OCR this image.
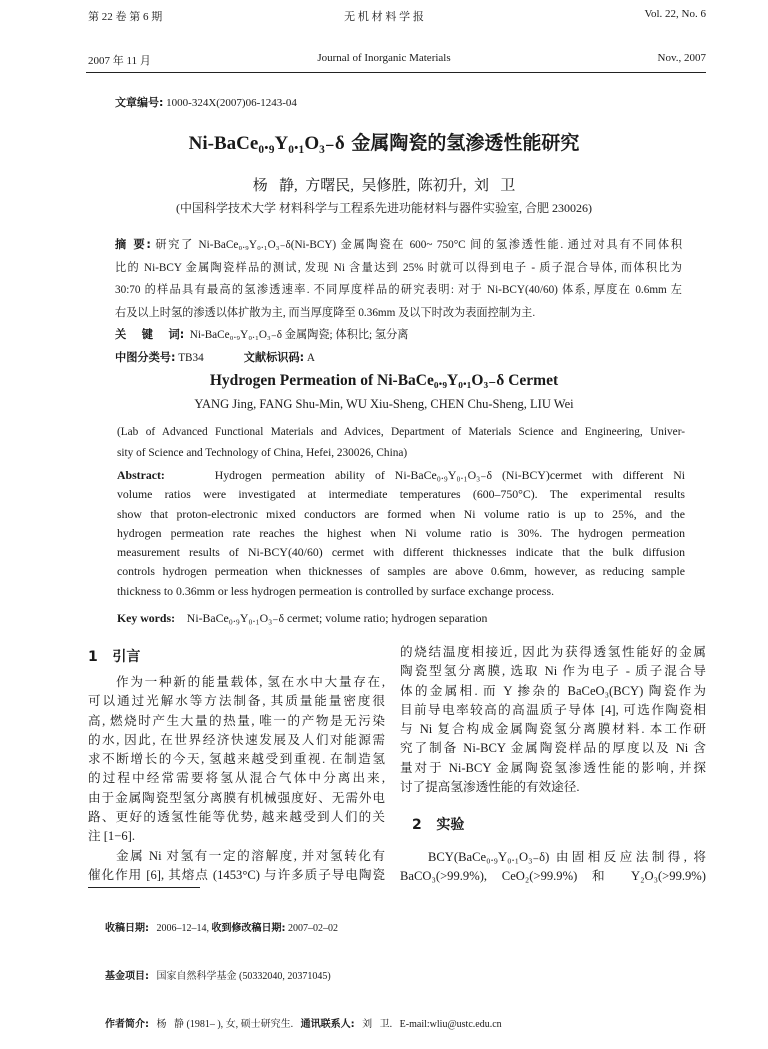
第 22 卷 第 6 期	无 机 材 料 学 报	Vol. 22, No. 6
2007 年 11 月	Journal of Inorganic Materials	Nov., 2007
文章编号: 1000-324X(2007)06-1243-04
Ni-BaCe₀.₉Y₀.₁O₃₋δ 金属陶瓷的氢渗透性能研究
杨   静,  方曙民,  吴修胜,  陈初升,  刘   卫
(中国科学技术大学 材料科学与工程系先进功能材料与器件实验室, 合肥 230026)
摘 要: 研究了 Ni-BaCe₀.₉Y₀.₁O₃₋δ(Ni-BCY) 金属陶瓷在 600~ 750°C 间的氢渗透性能. 通过对具有不同体积
比的 Ni-BCY 金属陶瓷样品的测试, 发现 Ni 含量达到 25% 时就可以得到电子 - 质子混合导体, 而体积比为
30:70 的样品具有最高的氢渗透速率. 不同厚度样品的研究表明: 对于 Ni-BCY(40/60) 体系, 厚度在 0.6mm 左
右及以上时氢的渗透以体扩散为主, 而当厚度降至 0.36mm 及以下时改为表面控制为主.
关    键    词: Ni-BaCe₀.₉Y₀.₁O₃₋δ 金属陶瓷; 体积比; 氢分离
中图分类号: TB34	文献标识码: A
Hydrogen Permeation of Ni-BaCe₀.₉Y₀.₁O₃₋δ Cermet
YANG Jing, FANG Shu-Min, WU Xiu-Sheng, CHEN Chu-Sheng, LIU Wei
(Lab of Advanced Functional Materials and Advices, Department of Materials Science and Engineering, Univer-
sity of Science and Technology of China, Hefei, 230026, China)
Abstract:	Hydrogen permeation ability of Ni-BaCe₀.₉Y₀.₁O₃₋δ (Ni-BCY)cermet with different Ni
volume ratios were investigated at intermediate temperatures (600–750°C). The experimental results
show that proton-electronic mixed conductors are formed when Ni volume ratio is up to 25%, and the
hydrogen permeation rate reaches the highest when Ni volume ratio is 30%. The hydrogen permeation
measurement results of Ni-BCY(40/60) cermet with different thicknesses indicate that the bulk diffusion
controls hydrogen permeation when thicknesses of samples are above 0.6mm, however, as reducing sample
thickness to 0.36mm or less hydrogen permeation is controlled by surface exchange process.
Key words: Ni-BaCe₀.₉Y₀.₁O₃₋δ cermet; volume ratio; hydrogen separation
1   引言
作为一种新的能量载体, 氢在水中大量存在,
可以通过光解水等方法制备, 其质量能量密度很
高, 燃烧时产生大量的热量, 唯一的产物是无污染
的水, 因此, 在世界经济快速发展及人们对能源需
求不断增长的今天, 氢越来越受到重视. 在制造氢
的过程中经常需要将氢从混合气体中分离出来,
由于金属陶瓷型氢分离膜有机械强度好、无需外电
路、更好的透氢性能等优势, 越来越受到人们的关
注 [1−6].
金属 Ni 对氢有一定的溶解度, 并对氢转化有
催化作用 [6], 其熔点 (1453°C) 与许多质子导电陶瓷
的烧结温度相接近, 因此为获得透氢性能好的金属
陶瓷型氢分离膜, 选取 Ni 作为电子 - 质子混合导
体的金属相. 而 Y 掺杂的 BaCeO₃(BCY) 陶瓷作为
目前导电率较高的高温质子导体 [4], 可选作陶瓷相
与 Ni 复合构成金属陶瓷氢分离膜材料. 本工作研
究了制备 Ni-BCY 金属陶瓷样品的厚度以及 Ni 含
量对于 Ni-BCY 金属陶瓷氢渗透性能的影响, 并探
讨了提高氢渗透性能的有效途径.
2   实验
BCY(BaCe₀.₉Y₀.₁O₃₋δ) 由固相反应法制得, 将
BaCO₃(>99.9%), CeO₂(>99.9%) 和 Y₂O₃(>99.9%)

收稿日期: 2006–12–14, 收到修改稿日期: 2007–02–02

基金项目: 国家自然科学基金 (50332040, 20371045)

作者简介: 杨   静 (1981– ), 女, 硕士研究生. 通讯联系人: 刘   卫.   E-mail:wliu@ustc.edu.cn
